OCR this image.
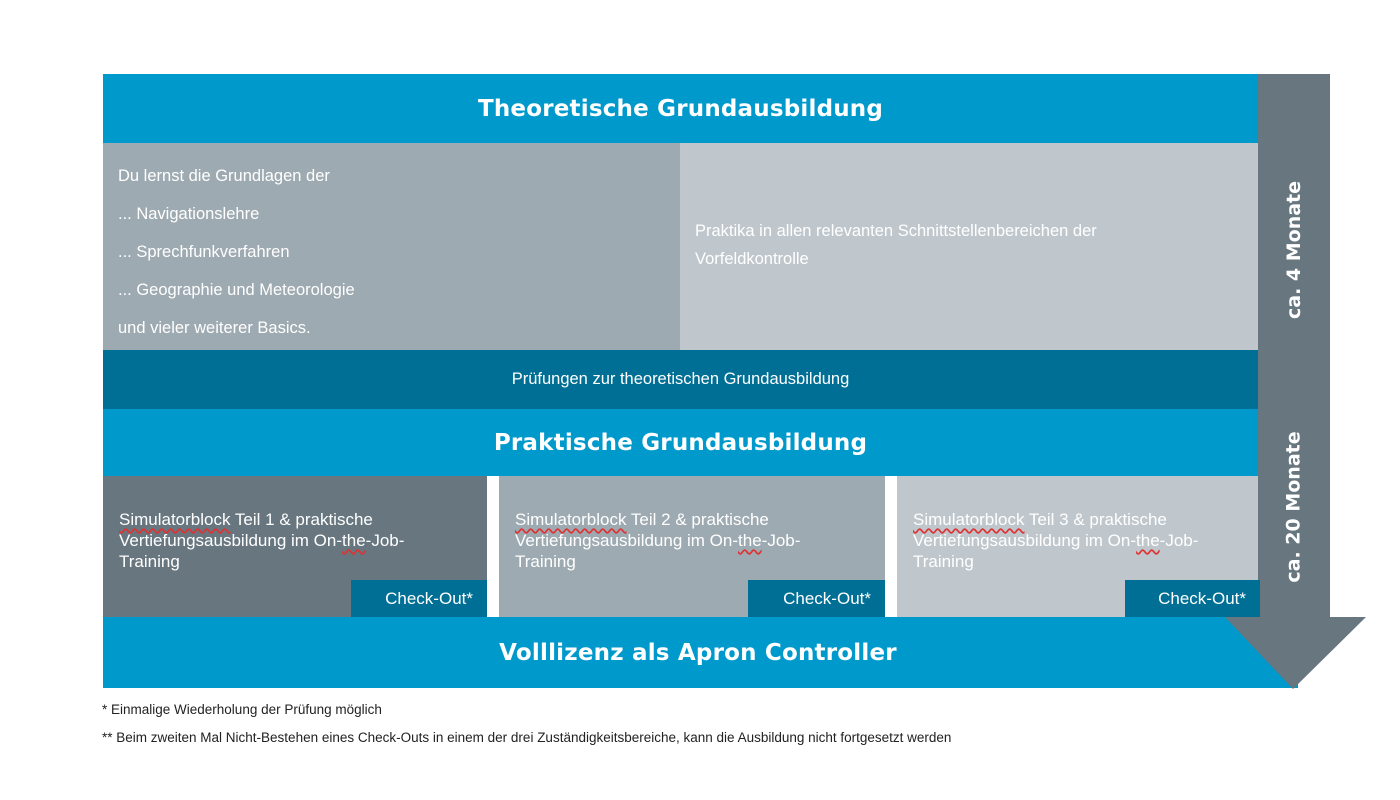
Volllizenz als Apron Controller
Theoretische Grundausbildung
Du lernst die Grundlagen der
... Navigationslehre
... Sprechfunkverfahren
... Geographie und Meteorologie
und vieler weiterer Basics.

Praktika in allen relevanten Schnittstellenbereichen der Vorfeldkontrolle

Prüfungen zur theoretischen Grundausbildung
Praktische Grundausbildung
Simulatorblock Teil 1 & praktische
Vertiefungsausbildung im On-the-Job-
Training
Check-Out*
Simulatorblock Teil 2 & praktische
Vertiefungsausbildung im On-the-Job-
Training
Check-Out*
Simulatorblock Teil 3 & praktische
Vertiefungsausbildung im On-the-Job-
Training
Check-Out*
ca. 4 Monate
ca. 20 Monate
* Einmalige Wiederholung der Prüfung möglich
** Beim zweiten Mal Nicht-Bestehen eines Check-Outs in einem der drei Zuständigkeitsbereiche, kann die Ausbildung nicht fortgesetzt werden
